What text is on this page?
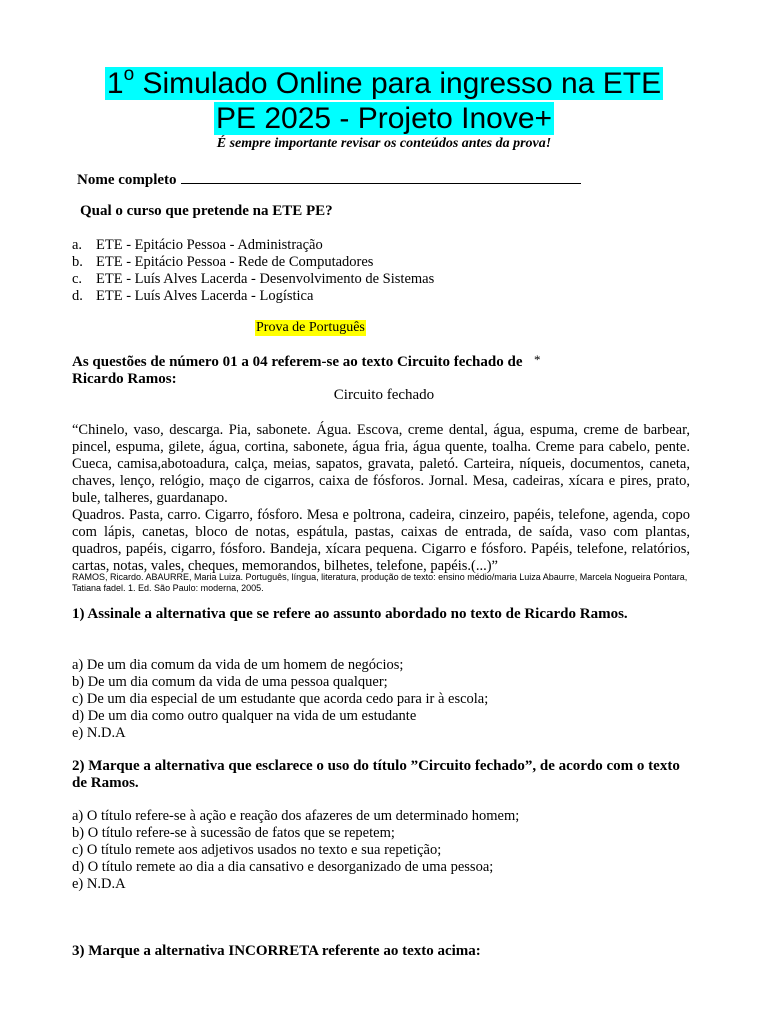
1$^o$ Simulado Online para ingresso na ETE
PE 2025 - Projeto Inove+
É sempre importante revisar os conteúdos antes da prova!
Nome completo
Qual o curso que pretende na ETE PE?
a. ETE - Epitácio Pessoa - Administração
b. ETE - Epitácio Pessoa - Rede de Computadores
c. ETE - Luís Alves Lacerda - Desenvolvimento de Sistemas
d. ETE - Luís Alves Lacerda - Logística
Prova de Português
As questões de número 01 a 04 referem-se ao texto Circuito fechado de Ricardo Ramos:
*
Circuito fechado

“Chinelo, vaso, descarga. Pia, sabonete. Água. Escova, creme dental, água, espuma, creme de barbear, pincel, espuma, gilete, água, cortina, sabonete, água fria, água quente, toalha. Creme para cabelo, pente. Cueca, camisa,abotoadura, calça, meias, sapatos, gravata, paletó. Carteira, níqueis, documentos, caneta, chaves, lenço, relógio, maço de cigarros, caixa de fósforos. Jornal. Mesa, cadeiras, xícara e pires, prato, bule, talheres, guardanapo.

Quadros. Pasta, carro. Cigarro, fósforo. Mesa e poltrona, cadeira, cinzeiro, papéis, telefone, agenda, copo com lápis, canetas, bloco de notas, espátula, pastas, caixas de entrada, de saída, vaso com plantas, quadros, papéis, cigarro, fósforo. Bandeja, xícara pequena. Cigarro e fósforo. Papéis, telefone, relatórios, cartas, notas, vales, cheques, memorandos, bilhetes, telefone, papéis.(...)”

RAMOS, Ricardo. ABAURRE, Maria Luiza. Português, língua, literatura, produção de texto: ensino médio/maria Luiza Abaurre, Marcela Nogueira Pontara, Tatiana fadel. 1. Ed. São Paulo: moderna, 2005.
1) Assinale a alternativa que se refere ao assunto abordado no texto de Ricardo Ramos.
a) De um dia comum da vida de um homem de negócios;
b) De um dia comum da vida de uma pessoa qualquer;
c) De um dia especial de um estudante que acorda cedo para ir à escola;
d) De um dia como outro qualquer na vida de um estudante
e) N.D.A
2) Marque a alternativa que esclarece o uso do título ”Circuito fechado”, de acordo com o texto de Ramos.
a) O título refere-se à ação e reação dos afazeres de um determinado homem;
b) O título refere-se à sucessão de fatos que se repetem;
c) O título remete aos adjetivos usados no texto e sua repetição;
d) O título remete ao dia a dia cansativo e desorganizado de uma pessoa;
e) N.D.A
3) Marque a alternativa INCORRETA referente ao texto acima:
